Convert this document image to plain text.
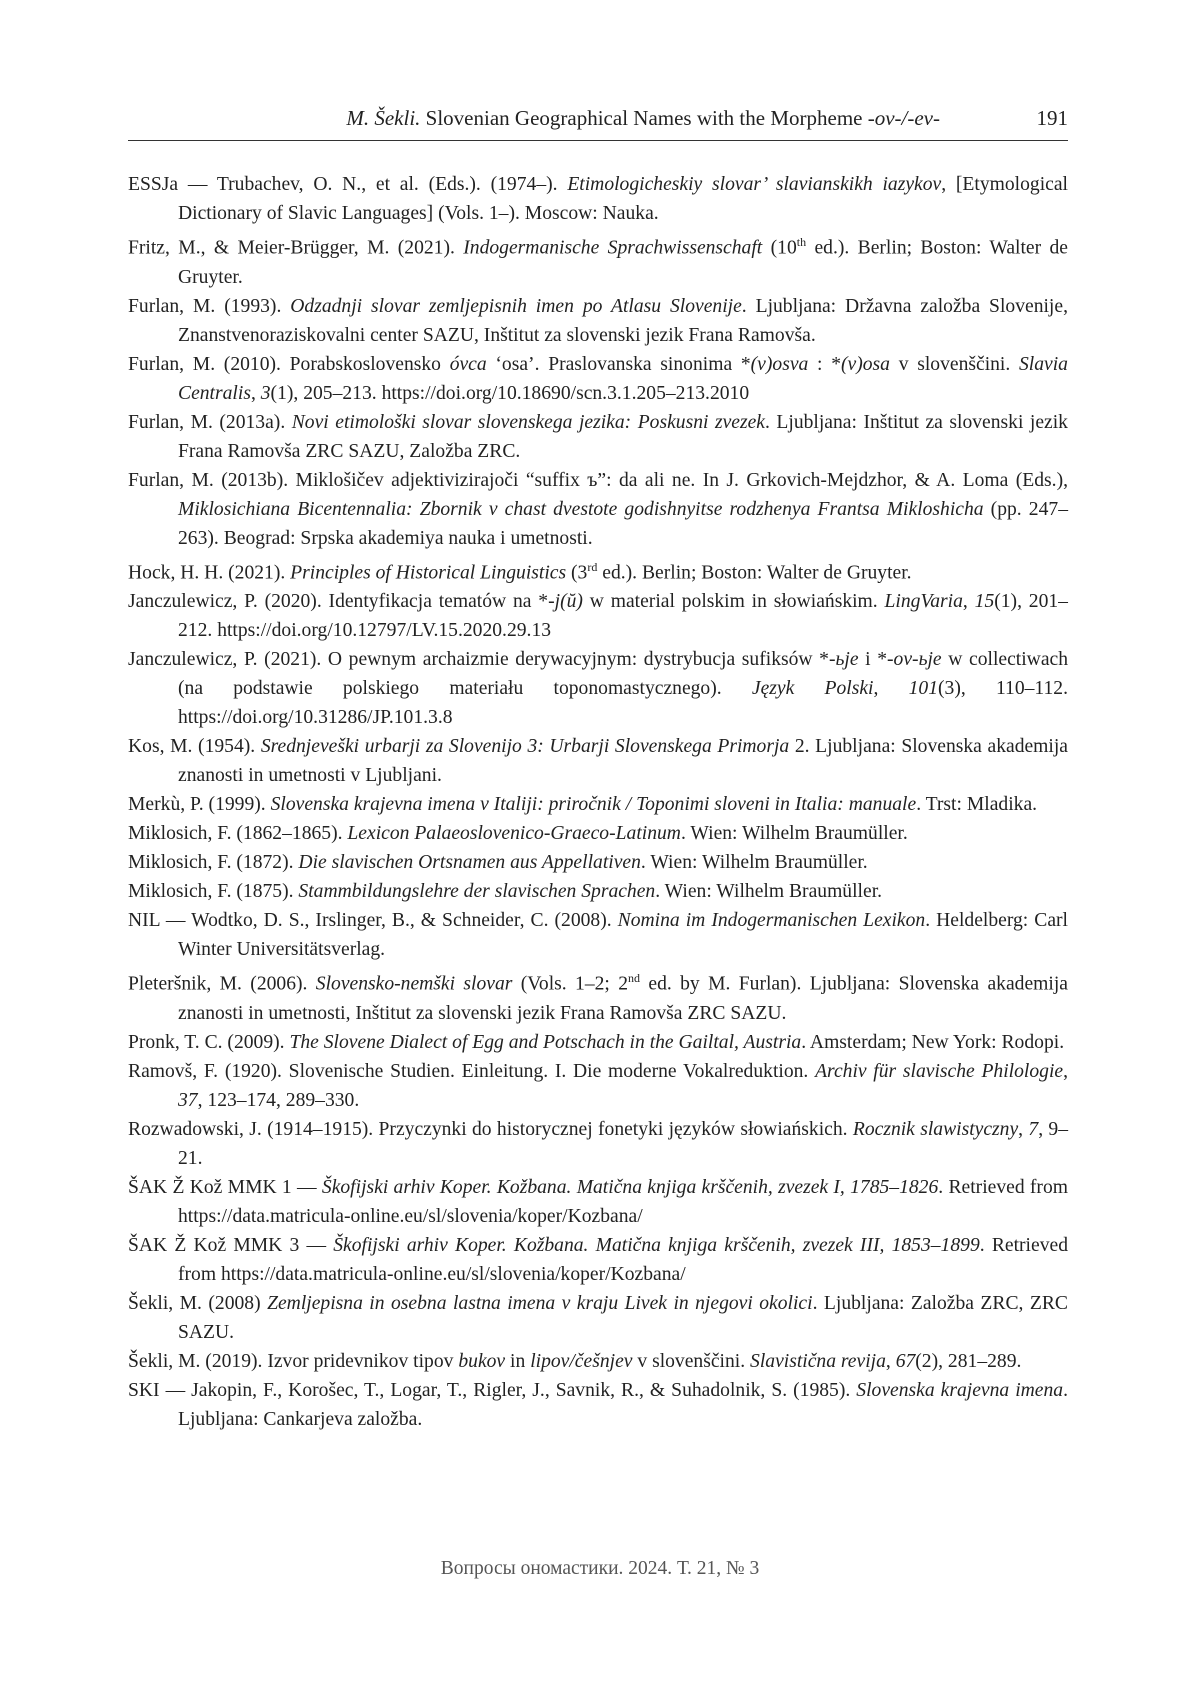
M. Šekli. Slovenian Geographical Names with the Morpheme -ov-/-ev-	191
ESSJa — Trubachev, O. N., et al. (Eds.). (1974–). Etimologicheskiy slovar’ slavianskikh iazykov, [Etymological Dictionary of Slavic Languages] (Vols. 1–). Moscow: Nauka.
Fritz, M., & Meier-Brügger, M. (2021). Indogermanische Sprachwissenschaft (10th ed.). Berlin; Boston: Walter de Gruyter.
Furlan, M. (1993). Odzadnji slovar zemljepisnih imen po Atlasu Slovenije. Ljubljana: Državna založba Slovenije, Znanstvenoraziskovalni center SAZU, Inštitut za slovenski jezik Frana Ramovša.
Furlan, M. (2010). Porabskoslovensko óvca ‘osa’. Praslovanska sinonima *(v)osva : *(v)osa v slovenščini. Slavia Centralis, 3(1), 205–213. https://doi.org/10.18690/scn.3.1.205–213.2010
Furlan, M. (2013a). Novi etimološki slovar slovenskega jezika: Poskusni zvezek. Ljubljana: Inštitut za slovenski jezik Frana Ramovša ZRC SAZU, Založba ZRC.
Furlan, M. (2013b). Miklošičev adjektivizirajoči “suffix ъ”: da ali ne. In J. Grkovich-Mejdzhor, & A. Loma (Eds.), Miklosichiana Bicentennalia: Zbornik v chast dvestote godishnyitse rodzhenya Frantsa Mikloshicha (pp. 247–263). Beograd: Srpska akademiya nauka i umetnosti.
Hock, H. H. (2021). Principles of Historical Linguistics (3rd ed.). Berlin; Boston: Walter de Gruyter.
Janczulewicz, P. (2020). Identyfikacja tematów na *-j(ŭ) w material polskim in słowiańskim. LingVaria, 15(1), 201–212. https://doi.org/10.12797/LV.15.2020.29.13
Janczulewicz, P. (2021). O pewnym archaizmie derywacyjnym: dystrybucja sufiksów *-ьje i *-ov-ьje w collectiwach (na podstawie polskiego materiału toponomastycznego). Język Polski, 101(3), 110–112. https://doi.org/10.31286/JP.101.3.8
Kos, M. (1954). Srednjeveški urbarji za Slovenijo 3: Urbarji Slovenskega Primorja 2. Ljubljana: Slovenska akademija znanosti in umetnosti v Ljubljani.
Merkù, P. (1999). Slovenska krajevna imena v Italiji: priročnik / Toponimi sloveni in Italia: manuale. Trst: Mladika.
Miklosich, F. (1862–1865). Lexicon Palaeoslovenico-Graeco-Latinum. Wien: Wilhelm Braumüller.
Miklosich, F. (1872). Die slavischen Ortsnamen aus Appellativen. Wien: Wilhelm Braumüller.
Miklosich, F. (1875). Stammbildungslehre der slavischen Sprachen. Wien: Wilhelm Braumüller.
NIL — Wodtko, D. S., Irslinger, B., & Schneider, C. (2008). Nomina im Indogermanischen Lexikon. Heldelberg: Carl Winter Universitätsverlag.
Pleteršnik, M. (2006). Slovensko-nemški slovar (Vols. 1–2; 2nd ed. by M. Furlan). Ljubljana: Slovenska akademija znanosti in umetnosti, Inštitut za slovenski jezik Frana Ramovša ZRC SAZU.
Pronk, T. C. (2009). The Slovene Dialect of Egg and Potschach in the Gailtal, Austria. Amsterdam; New York: Rodopi.
Ramovš, F. (1920). Slovenische Studien. Einleitung. I. Die moderne Vokalreduktion. Archiv für slavische Philologie, 37, 123–174, 289–330.
Rozwadowski, J. (1914–1915). Przyczynki do historycznej fonetyki języków słowiańskich. Rocznik slawistyczny, 7, 9–21.
ŠAK Ž Kož MMK 1 — Škofijski arhiv Koper. Kožbana. Matična knjiga krščenih, zvezek I, 1785–1826. Retrieved from https://data.matricula-online.eu/sl/slovenia/koper/Kozbana/
ŠAK Ž Kož MMK 3 — Škofijski arhiv Koper. Kožbana. Matična knjiga krščenih, zvezek III, 1853–1899. Retrieved from https://data.matricula-online.eu/sl/slovenia/koper/Kozbana/
Šekli, M. (2008) Zemljepisna in osebna lastna imena v kraju Livek in njegovi okolici. Ljubljana: Založba ZRC, ZRC SAZU.
Šekli, M. (2019). Izvor pridevnikov tipov bukov in lipov/češnjev v slovenščini. Slavistična revija, 67(2), 281–289.
SKI — Jakopin, F., Korošec, T., Logar, T., Rigler, J., Savnik, R., & Suhadolnik, S. (1985). Slovenska krajevna imena. Ljubljana: Cankarjeva založba.
Вопросы ономастики. 2024. Т. 21, № 3
